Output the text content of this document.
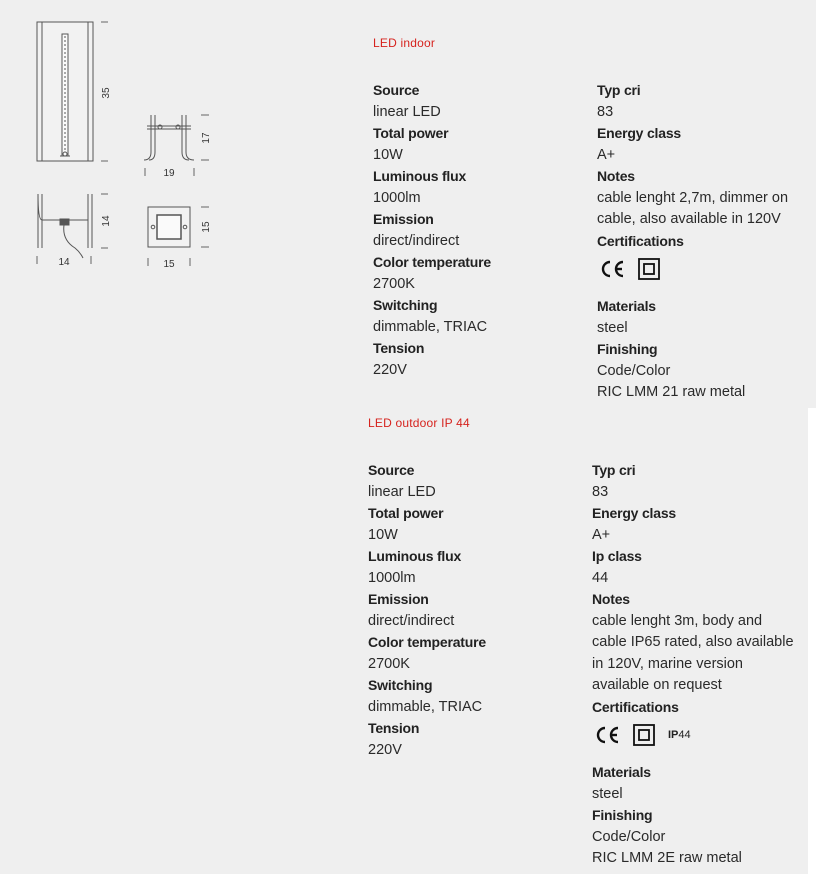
35
17
19
14
14
15
15
LED indoor
Source
linear LED
Total power
10W
Luminous flux
1000lm
Emission
direct/indirect
Color temperature
2700K
Switching
dimmable, TRIAC
Tension
220V
Typ cri
83
Energy class
A+
Notes
cable lenght 2,7m, dimmer on cable, also available in 120V
Certifications
Materials
steel
Finishing
Code/Color
RIC LMM 21 raw metal
LED outdoor IP 44
Source
linear LED
Total power
10W
Luminous flux
1000lm
Emission
direct/indirect
Color temperature
2700K
Switching
dimmable, TRIAC
Tension
220V
Typ cri
83
Energy class
A+
Ip class
44
Notes
cable lenght 3m, body and cable IP65 rated, also available in 120V, marine version available on request
Certifications
IP44
Materials
steel
Finishing
Code/Color
RIC LMM 2E raw metal
